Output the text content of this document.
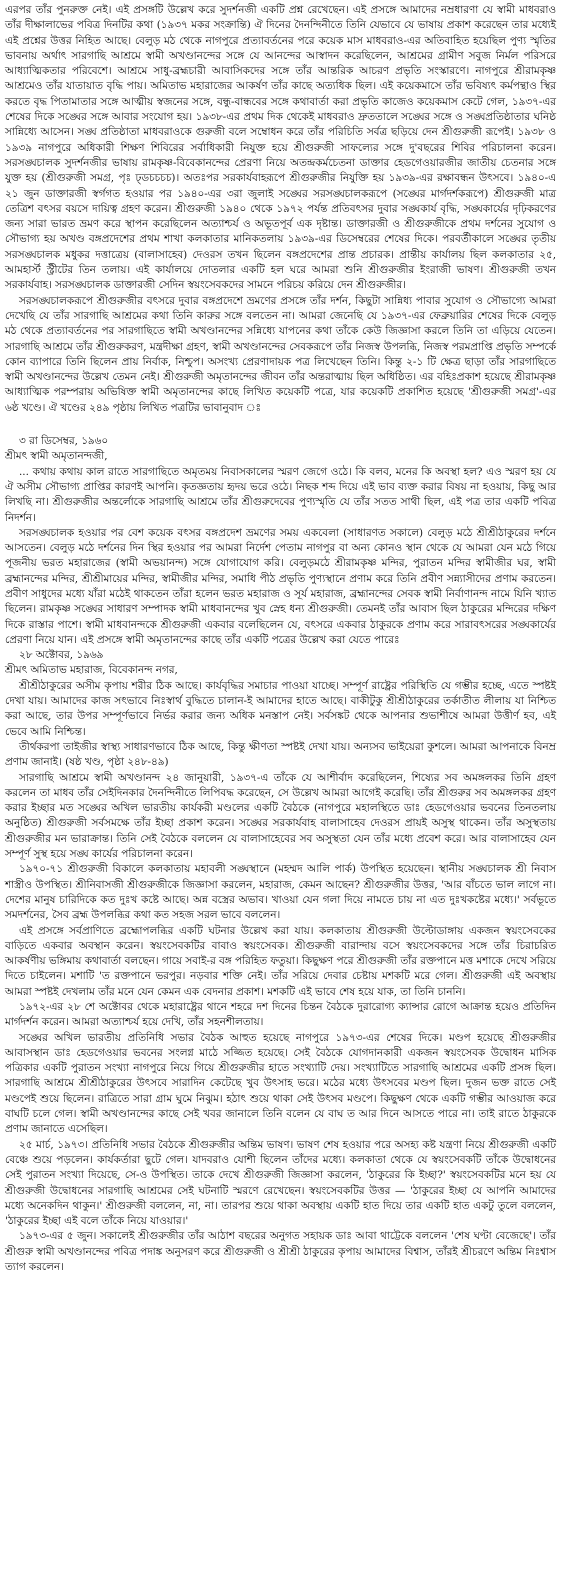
এরপর তাঁর পুনরুক্ত নেই। এই প্রসঙ্গটি উল্লেখ করে সুদর্শনজী একটি প্রশ্ন রেখেছেন। এই প্রসঙ্গে আমাদের নম্রধারণা যে স্বামী মাধবরাও তাঁর দীক্ষালাভের পবিত্র দিনটির কথা (১৯৩৭ মকর সংক্রান্তি) ঐ দিনের দৈনন্দিনীতে তিনি যেভাবে যে ভাষায় প্রকাশ করেছেন তার মধ্যেই এই প্রশ্নের উত্তর নিহিত আছে। বেলুড় মঠ থেকে নাগপুরে প্রত্যাবর্তনের পরে কয়েক মাস মাধবরাও-এর অতিবাহিত হয়েছিল পুণ্য স্মৃতির ভাবনায় অর্থাৎ সারগাছি আশ্রমে স্বামী অখণ্ডানন্দের সঙ্গে যে আনন্দের আস্বাদন করেছিলেন, আশ্রমের গ্রামীণ সবুজ নির্মল পরিসরে আধ্যাত্মিকতার পরিবেশে। আশ্রমে সাধু-ব্রহ্মচারী আবাসিকদের সঙ্গে তাঁর আন্তরিক আচরণ প্রভৃতি সংস্কারণে। নাগপুরে শ্রীরামকৃষ্ণ আশ্রমেও তাঁর যাতায়াত বৃদ্ধি পায়। অমিতাভ মহারাজের আকর্ষণ তাঁর কাছে অত্যধিক ছিল। এই কয়েকমাসে তাঁর ভবিষ্যৎ কর্মপন্থাও স্থির করতে বৃদ্ধ পিতামাতার সঙ্গে আত্মীয় স্বজনের সঙ্গে, বন্ধু-বান্ধবের সঙ্গে কথাবার্তা করা প্রভৃতি কাজেও কয়েকমাস কেটে গেল, ১৯৩৭-এর শেষের দিকে সঙ্ঘের সঙ্গে আবার সংযোগ হয়। ১৯৩৮-এর প্রথম দিক থেকেই মাধবরাও দ্রুততালে সঙ্ঘের সঙ্গে ও সঙ্ঘপ্রতিষ্ঠাতার ঘনিষ্ঠ সান্নিধ্যে আসেন। সঙ্ঘ প্রতিষ্ঠাতা মাধবরাওকে গুরুজী বলে সম্বোধন করে তাঁর পরিচিতি সর্বত্র ছড়িয়ে দেন শ্রীগুরুজী রূপেই। ১৯৩৮ ও ১৯৩৯ নাগপুরে অধিকারী শিক্ষণ শিবিরের সর্বাধিকারী নিযুক্ত হয়ে শ্রীগুরুজী সাফল্যের সঙ্গে দু'বছরের শিবির পরিচালনা করেন। সরসঙ্ঘচালক সুদর্শনজীর ভাষায় রামকৃষ্ণ-বিবেকানন্দের প্রেরণা নিয়ে অতন্দ্রকর্মচেতনা ডাক্তার হেডগেওয়ারজীর জাতীয় চেতনার সঙ্গে যুক্ত হয় (শ্রীগুরুজী সমগ্র, পৃঃ ঢ্ডচচচচ)। অতঃপর সরকার্যবাহরূপে শ্রীগুরুজীর নিযুক্তি হয় ১৯৩৯-এর রক্ষাবন্ধন উৎসবে। ১৯৪০-এ ২১ জুন ডাক্তারজী স্বর্গগত হওয়ার পর ১৯৪০-এর ৩রা জুলাই সঙ্ঘের সরসঙ্ঘচালকরূপে (সঙ্ঘের মার্গদর্শকরূপে) শ্রীগুরুজী মাত্র তেত্রিশ বৎসর বয়সে দায়িত্ব গ্রহণ করেন। শ্রীগুরুজী ১৯৪০ থেকে ১৯৭২ পর্যন্ত প্রতিবৎসর দুবার সঙ্ঘকার্য বৃদ্ধি, সঙ্ঘকার্যের দৃঢ়িকরণের জন্য সারা ভারত ভ্রমণ করে স্থাপন করেছিলেন অত্যাশ্চর্য ও অভূতপূর্ব এক দৃষ্টান্ত। ডাক্তারজী ও শ্রীগুরুজীকে প্রথম দর্শনের সুযোগ ও সৌভাগ্য হয় অখণ্ড বঙ্গপ্রদেশের প্রথম শাখা কলকাতার মানিকতলায় ১৯৩৯-এর ডিসেম্বরের শেষের দিকে। পরবর্তীকালে সঙ্ঘের তৃতীয় সরসঙ্ঘচালক মধুকর দত্তাত্রেয় (বালাসাহেব) দেওরস তখন ছিলেন বঙ্গপ্রদেশের প্রান্ত প্রচারক। প্রান্তীয় কার্যালয় ছিল কলকাতার ২৫, আমহার্স্ট স্ট্রীটের তিন তলায়। এই কার্যালয়ে দোতলার একটি হল ঘরে আমরা শুনি শ্রীগুরুজীর ইংরাজী ভাষণ। শ্রীগুরুজী তখন সরকার্যবাহ। সরসঙ্ঘচালক ডাক্তারজী সেদিন স্বয়ংসেবকদের সামনে পরিচয় করিয়ে দেন শ্রীগুরুজীর।

সরসঙ্ঘচালকরূপে শ্রীগুরুজীর বৎসরে দুবার বঙ্গপ্রদেশে ভ্রমণের প্রসঙ্গে তাঁর দর্শন, কিছুটা সান্নিধ্য পাবার সুযোগ ও সৌভাগ্যে আমরা দেখেছি যে তাঁর সারগাছি আশ্রমের কথা তিনি কারুর সঙ্গে বলতেন না। আমরা জেনেছি যে ১৯৩৭-এর ফেব্রুয়ারির শেষের দিকে বেলুড় মঠ থেকে প্রত্যাবর্তনের পর সারগাছিতে স্বামী অখণ্ডানন্দের সন্নিধ্যে যাপনের কথা তাঁকে কেউ জিজ্ঞাসা করলে তিনি তা এড়িয়ে যেতেন। সারগাছি আশ্রমে তাঁর শ্রীগুরুকরণ, মন্ত্রদীক্ষা গ্রহণ, স্বামী অখণ্ডানন্দের সেবকরূপে তাঁর নিজস্ব উপলব্ধি, নিজস্ব পরমপ্রাপ্তি প্রভৃতি সম্পর্কে কোন ব্যাপারে তিনি ছিলেন প্রায় নির্বাক, নিশ্চুপ। অসংখ্য প্রেরণাদায়ক পত্র লিখেছেন তিনি। কিন্তু ২-১ টি ক্ষেত্র ছাড়া তাঁর সারগাছিতে স্বামী অখণ্ডানন্দের উল্লেখ তেমন নেই। শ্রীগুরুজী অমৃতানন্দের জীবন তাঁর অন্তরাত্মায় ছিল অধিষ্ঠিত। এর বহিঃপ্রকাশ হয়েছে শ্রীরামকৃষ্ণ আধ্যাত্মিক পরম্পরায় অভিষিক্ত স্বামী অমৃতানন্দের কাছে লিখিত কয়েকটি পত্রে, যার কয়েকটি প্রকাশিত হয়েছে 'শ্রীগুরুজী সমগ্র'-এর ৬ষ্ঠ খণ্ডে। ঐ খণ্ডের ২৪৯ পৃষ্ঠায় লিখিত পত্রটির ভাবানুবাদ ঃ

৩ রা ডিসেম্বর, ১৯৬০

শ্রীমৎ স্বামী অমৃতানন্দজী,

... কথায় কথায় কাল রাতে সারগাছিতে অমৃতময় নিবাসকালের স্মরণ জেগে ওঠে। কি বলব, মনের কি অবস্থা হল? এও স্মরণ হয় যে ঐ অসীম সৌভাগ্য প্রাপ্তির কারণই আপনি। কৃতজ্ঞতায় হৃদয় ভরে ওঠে। নিছক শব্দ দিয়ে এই ভাব ব্যক্ত করার বিষয় না হওয়ায়, কিছু আর লিখছি না। শ্রীগুরুজীর অন্তর্লোকে সারগাছি আশ্রমে তাঁর শ্রীগুরুদেবের পুণ্যস্মৃতি যে তাঁর সতত সাথী ছিল, এই পত্র তার একটি পবিত্র নিদর্শন।

সরসঙ্ঘচালক হওয়ার পর বেশ কয়েক বৎসর বঙ্গপ্রদেশ ভ্রমণের সময় একবেলা (সাধারণত সকালে) বেলুড় মঠে শ্রীশ্রীঠাকুরের দর্শনে আসতেন। বেলুড় মঠে দর্শনের দিন স্থির হওয়ার পর আমরা নির্দেশ পেতাম নাগপুর বা অন্য কোনও স্থান থেকে যে আমরা যেন মঠে গিয়ে পূজনীয় ভরত মহারাজের (স্বামী অভয়ানন্দ) সঙ্গে যোগাযোগ করি। বেলুড়মঠে শ্রীরামকৃষ্ণ মন্দির, পুরাতন মন্দির স্বামীজীর ঘর, স্বামী ব্রহ্মানন্দের মন্দির, শ্রীশ্রীমায়ের মন্দির, স্বামীজীর মন্দির, সমাধি পীঠ প্রভৃতি পুণ্যস্থানে প্রণাম করে তিনি প্রবীণ সন্ন্যাসীদের প্রণাম করতেন। প্রবীণ সাধুদের মধ্যে যাঁরা মঠেই থাকতেন তাঁরা হলেন ভরত মহারাজ ও সূর্য মহারাজ, ব্রহ্মানন্দের সেবক স্বামী নির্বাণানন্দ নামে যিনি খ্যাত ছিলেন। রামকৃষ্ণ সঙ্ঘের সাধারণ সম্পাদক স্বামী মাধবানন্দের খুব স্নেহ ধন্য শ্রীগুরুজী। তেমনই তাঁর আবাস ছিল ঠাকুরের মন্দিরের দক্ষিণ দিকে রাস্তার পাশে। স্বামী মাধবানন্দকে শ্রীগুরুজী একবার বলেছিলেন যে, বৎসরে একবার ঠাকুরকে প্রণাম করে সারাবৎসরের সঙ্ঘকার্যের প্রেরণা নিয়ে যান। এই প্রসঙ্গে স্বামী অমৃতানন্দের কাছে তাঁর একটি পত্রের উল্লেখ করা যেতে পারেঃ

২৮ অক্টোবর, ১৯৬৯

শ্রীমৎ অমিতাভ মহারাজ, বিবেকানন্দ নগর,

শ্রীশ্রীঠাকুরের অসীম কৃপায় শরীর ঠিক আছে। কার্যবৃদ্ধির সমাচার পাওয়া যাচ্ছে। সম্পূর্ণ রাষ্ট্রের পরিস্থিতি যে গম্ভীর হচ্ছে, এতে স্পষ্টই দেখা যায়। আমাদের কাজ সৎভাবে নিঃস্বার্থ বুদ্ধিতে চালান-ই আমাদের হাতে আছে। বাকীটুকু শ্রীশ্রীঠাকুরের তর্কাতীত লীলায় যা নিশ্চিত করা আছে, তার উপর সম্পূর্ণভাবে নির্ভর করার জন্য অধিক মনস্তাপ নেই। সর্বসঙ্কট থেকে আপনার শুভাশীষে আমরা উত্তীর্ণ হব, এই ভেবে আমি নিশ্চিন্ত।

তীর্থকরপা তাইজীর স্বাস্থ্য সাধারণভাবে ঠিক আছে, কিন্তু ক্ষীণতা স্পষ্টই দেখা যায়। অন্যসব ভাইয়েরা কুশলে। আমরা আপনাকে বিনম্র প্রণাম জানাই। (ষষ্ঠ খণ্ড, পৃষ্ঠা ২৪৮-৪৯)

সারগাছি আশ্রমে স্বামী অখণ্ডানন্দ ২৪ জানুয়ারী, ১৯৩৭-এ তাঁকে যে আশীর্বাদ করেছিলেন, শিষ্যের সব অমঙ্গলকর তিনি গ্রহণ করলেন তা মাধব তাঁর সেইদিনকার দৈনন্দিনীতে লিপিবদ্ধ করেছেন, সে উল্লেখ আমরা আগেই করেছি। তাঁর শ্রীগুরুর সব অমঙ্গলকর গ্রহণ করার ইচ্ছার মত সঙ্ঘের অখিল ভারতীয় কার্যকরী মণ্ডলের একটি বৈঠকে (নাগপুরে মহালস্থিতে ডাঃ হেডগেওয়ার ভবনের তিনতলায় অনুষ্ঠিত) শ্রীগুরুজী সর্বসমক্ষে তাঁর ইচ্ছা প্রকাশ করেন। সঙ্ঘের সরকার্যবাহ বালাসাহেব দেওরস প্রায়ই অসুস্থ থাকেন। তাঁর অসুস্থতায় শ্রীগুরুজীর মন ভারাক্রান্ত। তিনি সেই বৈঠকে বললেন যে বালাসাহেবের সব অসুস্থতা যেন তাঁর মধ্যে প্রবেশ করে। আর বালাসাহেব যেন সম্পূর্ণ সুস্থ হয়ে সঙ্ঘ কার্যের পরিচালনা করেন।

১৯৭০-৭১ শ্রীগুরুজী বিকালে কলকাতায় মহাবলী সঙ্ঘস্থানে (মহম্মদ আলি পার্ক) উপস্থিত হয়েছেন। স্থানীয় সঙ্ঘচালক শ্রী নিবাস শাস্ত্রীও উপস্থিত। শ্রীনিবাসজী শ্রীগুরুজীকে জিজ্ঞাসা করলেন, মহারাজ, কেমন আছেন? শ্রীগুরুজীর উত্তর, 'আর বাঁচতে ভাল লাগে না। দেশের মানুষ চারিদিকে কত দুঃখ কষ্টে আছে। অন্ন বস্ত্রের অভাব। খাওয়া যেন গলা দিয়ে নামতে চায় না এত দুঃখকষ্টের মধ্যে।' সর্বভূতে সমদর্শনের, সৈব ব্রহ্ম উপলব্ধির কথা কত সহজ সরল ভাবে বললেন।

এই প্রসঙ্গে সর্বপ্রাণিতে ব্রহ্মোপলব্ধির একটি ঘটনার উল্লেখ করা যায়। কলকাতায় শ্রীগুরুজী উল্টোডাঙ্গায় একজন স্বয়ংসেবকের বাড়িতে একবার অবস্থান করেন। স্বয়ংসেবকটির বাবাও স্বয়ংসেবক। শ্রীগুরুজী বারান্দায় বসে স্বয়ংসেবকদের সঙ্গে তাঁর চিরাচরিত আকর্ষণীয় ভঙ্গিমায় কথাবার্তা বলছেন। গায়ে সবাই-র বঙ্গ পরিহিত ফতুয়া। কিছুক্ষণ পরে শ্রীগুরুজী তাঁর রক্তপানে মত্ত মশাকে দেখে সরিয়ে দিতে চাইলেন। মশাটি 'ত রক্তপানে ভরপুর। নড়বার শক্তি নেই। তাঁর সরিয়ে দেবার চেষ্টায় মশকটি মরে গেল। শ্রীগুরুজী এই অবস্থায় আমরা স্পষ্টই দেখলাম তাঁর মনে যেন কেমন এক বেদনার প্রকাশ। মশকটি এই ভাবে শেষ হয়ে যাক, তা তিনি চাননি।

১৯৭২-এর ২৮ শে অক্টোবর থেকে মহারাষ্ট্রের থানে শহরে দশ দিনের চিন্তন বৈঠকে দুরারোগ্য ক্যান্সার রোগে আক্রান্ত হয়েও প্রতিদিন মার্গদর্শন করেন। আমরা অত্যাশ্চর্য হয়ে দেখি, তাঁর সহনশীলতায়।

সঙ্ঘের অখিল ভারতীয় প্রতিনিধি সভার বৈঠক আহুত হয়েছে নাগপুরে ১৯৭৩-এর শেষের দিকে। মণ্ডপ হয়েছে শ্রীগুরুজীর আবাসস্থান ডাঃ হেডগেওয়ার ভবনের সংলগ্ন মাঠে সজ্জিত হয়েছে। সেই বৈঠকে যোগদানকারী একজন স্বয়ংসেবক উদ্বোধন মাসিক পত্রিকার একটি পুরাতন সংখ্যা নাগপুরে নিয়ে গিয়ে শ্রীগুরুজীর হাতে সংখ্যাটি দেয়। সংখ্যাটিতে সারগাছি আশ্রমের একটি প্রসঙ্গ ছিল। সারগাছি আশ্রমে শ্রীশ্রীঠাকুরের উৎসবে সারাদিন কেটেছে খুব উৎসাহ ভরে। মঠের মধ্যে উৎসবের মণ্ডপ ছিল। দুজন ভক্ত রাতে সেই মণ্ডপেই শুয়ে ছিলেন। রাত্রিতে সারা গ্রাম ঘুমে নিঝুম। হঠাৎ শুয়ে থাকা সেই উৎসব মণ্ডপে। কিছুক্ষণ থেকে একটি গম্ভীর আওয়াজ করে বাঘটি চলে গেল। স্বামী অখণ্ডানন্দের কাছে সেই খবর জানালে তিনি বলেন যে বাঘ ত আর দিনে আসতে পারে না। তাই রাতে ঠাকুরকে প্রণাম জানাতে এসেছিল।

২৫ মার্চ, ১৯৭৩। প্রতিনিধি সভার বৈঠকে শ্রীগুরুজীর অন্তিম ভাষণ। ভাষণ শেষ হওয়ার পরে অসহ্য কষ্ট যন্ত্রণা নিয়ে শ্রীগুরুজী একটি বেঞ্চে শুয়ে পড়লেন। কার্যকর্তারা ছুটে গেল। যাদবরাও যোশী ছিলেন তাঁদের মধ্যে। কলকাতা থেকে যে স্বয়ংসেবকটি তাঁকে উদ্বোধনের সেই পুরাতন সংখ্যা দিয়েছে, সে-ও উপস্থিত। তাকে দেখে শ্রীগুরুজী জিজ্ঞাসা করলেন, 'ঠাকুরের কি ইচ্ছা?' স্বয়ংসেবকটির মনে হয় যে শ্রীগুরুজী উদ্বোধনের সারগাছি আশ্রমের সেই ঘটনাটি স্মরণে রেখেছেন। স্বয়ংসেবকটির উত্তর — 'ঠাকুরের ইচ্ছা যে আপনি আমাদের মধ্যে অনেকদিন থাকুন।' শ্রীগুরুজী বললেন, না, না। তারপর শুয়ে থাকা অবস্থায় একটি হাত দিয়ে তার একটি হাত একটু তুলে বললেন, 'ঠাকুরের ইচ্ছা এই বলে তাঁকে নিয়ে যাওয়ার।'

১৯৭৩-এর ৫ জুন। সকালেই শ্রীগুরুজীর তাঁর আঠাশ বছরের অনুগত সহায়ক ডাঃ আবা থাট্টেকে বললেন 'শেষ ঘণ্টা বেজেছে'। তাঁর শ্রীগুরু স্বামী অখণ্ডানন্দের পবিত্র পদাঙ্ক অনুসরণ করে শ্রীগুরুজী ও শ্রীশ্রী ঠাকুরের কৃপায় আমাদের বিশ্বাস, তাঁরই শ্রীচরণে অন্তিম নিঃশ্বাস ত্যাগ করলেন।
